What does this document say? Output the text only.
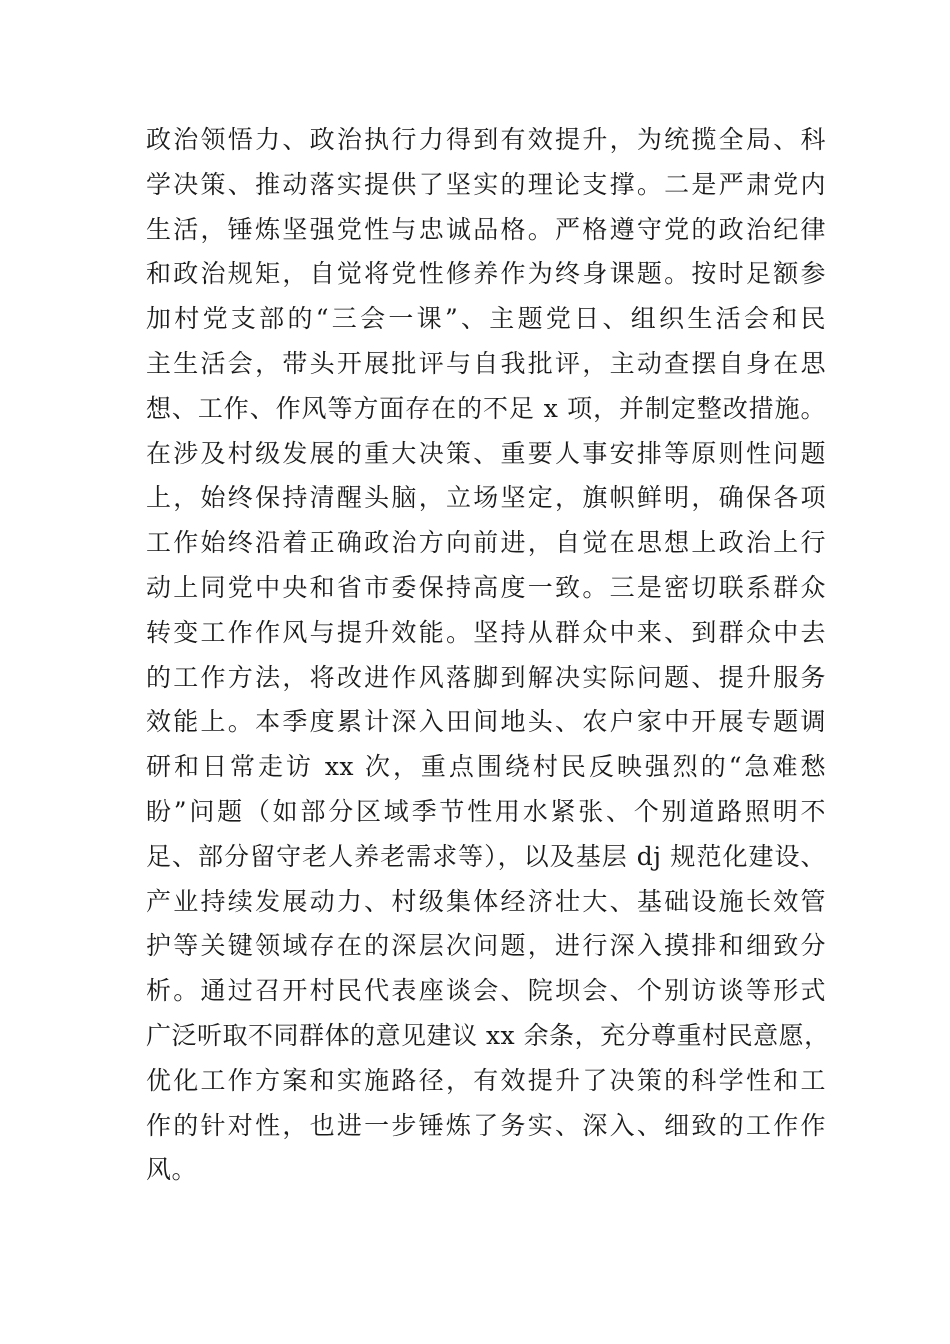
政治领悟力、政治执行力得到有效提升，为统揽全局、科
学决策、推动落实提供了坚实的理论支撑。二是严肃党内
生活，锤炼坚强党性与忠诚品格。严格遵守党的政治纪律
和政治规矩，自觉将党性修养作为终身课题。按时足额参
加村党支部的“三会一课”、主题党日、组织生活会和民
主生活会，带头开展批评与自我批评，主动查摆自身在思
想、工作、作风等方面存在的不足 x 项，并制定整改措施。
在涉及村级发展的重大决策、重要人事安排等原则性问题
上，始终保持清醒头脑，立场坚定，旗帜鲜明，确保各项
工作始终沿着正确政治方向前进，自觉在思想上政治上行
动上同党中央和省市委保持高度一致。三是密切联系群众
转变工作作风与提升效能。坚持从群众中来、到群众中去
的工作方法，将改进作风落脚到解决实际问题、提升服务
效能上。本季度累计深入田间地头、农户家中开展专题调
研和日常走访 xx 次，重点围绕村民反映强烈的“急难愁
盼”问题（如部分区域季节性用水紧张、个别道路照明不
足、部分留守老人养老需求等），以及基层 dj 规范化建设、
产业持续发展动力、村级集体经济壮大、基础设施长效管
护等关键领域存在的深层次问题，进行深入摸排和细致分
析。通过召开村民代表座谈会、院坝会、个别访谈等形式
广泛听取不同群体的意见建议 xx 余条，充分尊重村民意愿，
优化工作方案和实施路径，有效提升了决策的科学性和工
作的针对性，也进一步锤炼了务实、深入、细致的工作作
风。
